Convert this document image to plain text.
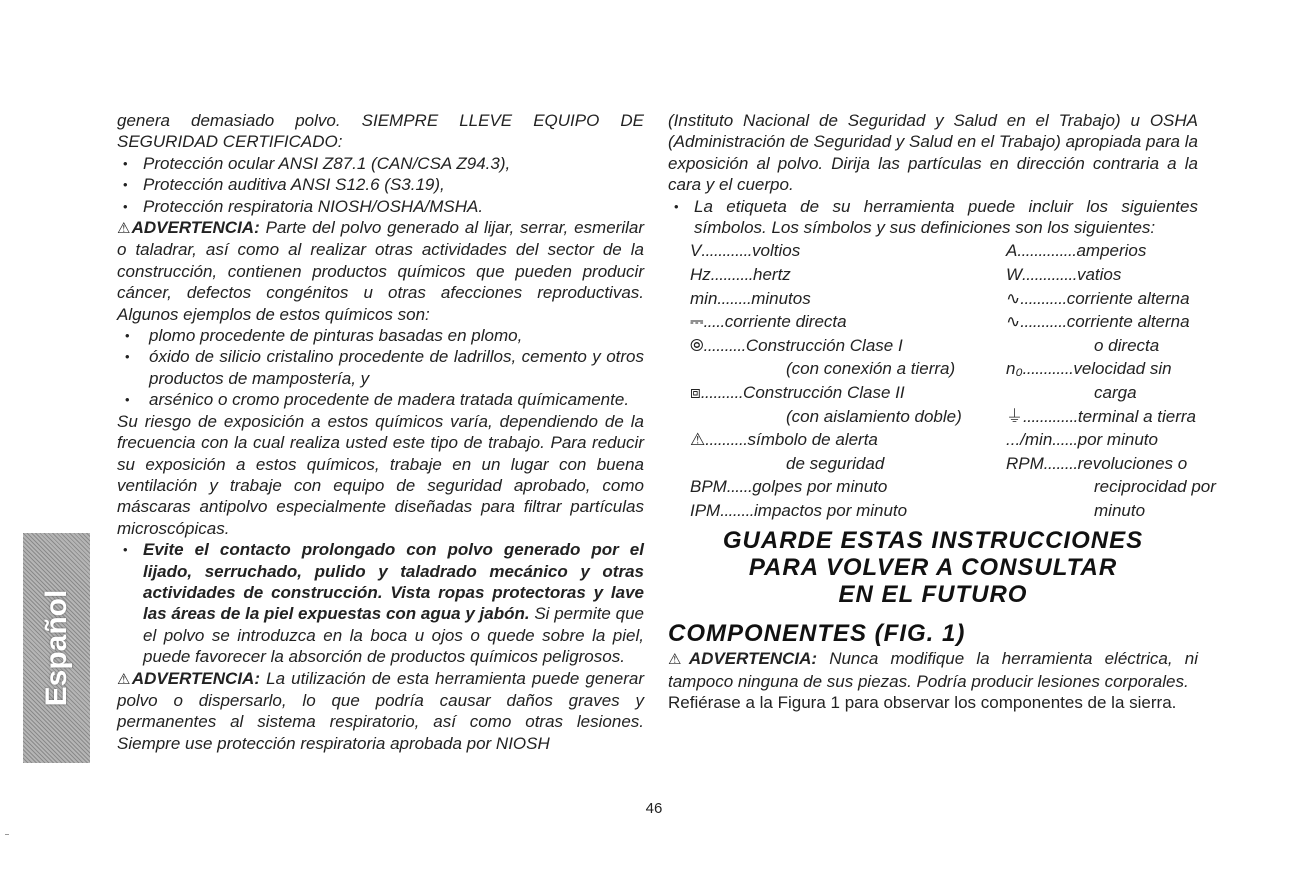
genera demasiado polvo. SIEMPRE LLEVE EQUIPO DE SEGURIDAD CERTIFICADO:

• Protección ocular ANSI Z87.1 (CAN/CSA Z94.3),
• Protección auditiva ANSI S12.6 (S3.19),
• Protección respiratoria NIOSH/OSHA/MSHA.

⚠ADVERTENCIA: Parte del polvo generado al lijar, serrar, esmerilar o taladrar, así como al realizar otras actividades del sector de la construcción, contienen productos químicos que pueden producir cáncer, defectos congénitos u otras afecciones reproductivas. Algunos ejemplos de estos químicos son:

• plomo procedente de pinturas basadas en plomo,
• óxido de silicio cristalino procedente de ladrillos, cemento y otros productos de mampostería, y
• arsénico o cromo procedente de madera tratada químicamente.

Su riesgo de exposición a estos químicos varía, dependiendo de la frecuencia con la cual realiza usted este tipo de trabajo. Para reducir su exposición a estos químicos, trabaje en un lugar con buena ventilación y trabaje con equipo de seguridad aprobado, como máscaras antipolvo especialmente diseñadas para filtrar partículas microscópicas.

• Evite el contacto prolongado con polvo generado por el lijado, serruchado, pulido y taladrado mecánico y otras actividades de construcción. Vista ropas protectoras y lave las áreas de la piel expuestas con agua y jabón. Si permite que el polvo se introduzca en la boca u ojos o quede sobre la piel, puede favorecer la absorción de productos químicos peligrosos.

⚠ADVERTENCIA: La utilización de esta herramienta puede generar polvo o dispersarlo, lo que podría causar daños graves y permanentes al sistema respiratorio, así como otras lesiones. Siempre use protección respiratoria aprobada por NIOSH

(Instituto Nacional de Seguridad y Salud en el Trabajo) u OSHA (Administración de Seguridad y Salud en el Trabajo) apropiada para la exposición al polvo. Dirija las partículas en dirección contraria a la cara y el cuerpo.

• La etiqueta de su herramienta puede incluir los siguientes símbolos. Los símbolos y sus definiciones son los siguientes:

V ............ voltios	A .............. amperios
Hz .......... hertz	W ............. vatios
min ........ minutos	∿ ........... corriente alterna
⎓ ..... corriente directa	∿ ........... corriente alterna
⦾ .......... Construcción Clase I	o directa
(con conexión a tierra)	n₀ ............ velocidad sin
⧈ .......... Construcción Clase II	carga
(con aislamiento doble)	⏚ ............. terminal a tierra
⚠ .......... símbolo de alerta	.../min ...... por minuto
de seguridad	RPM ........ revoluciones o
BPM ...... golpes por minuto	reciprocidad por
IPM ........ impactos por minuto	minuto
GUARDE ESTAS INSTRUCCIONES
PARA VOLVER A CONSULTAR
EN EL FUTURO
COMPONENTES (FIG. 1)

⚠ADVERTENCIA: Nunca modifique la herramienta eléctrica, ni tampoco ninguna de sus piezas. Podría producir lesiones corporales.

Refiérase a la Figura 1 para observar los componentes de la sierra.

Español
46
